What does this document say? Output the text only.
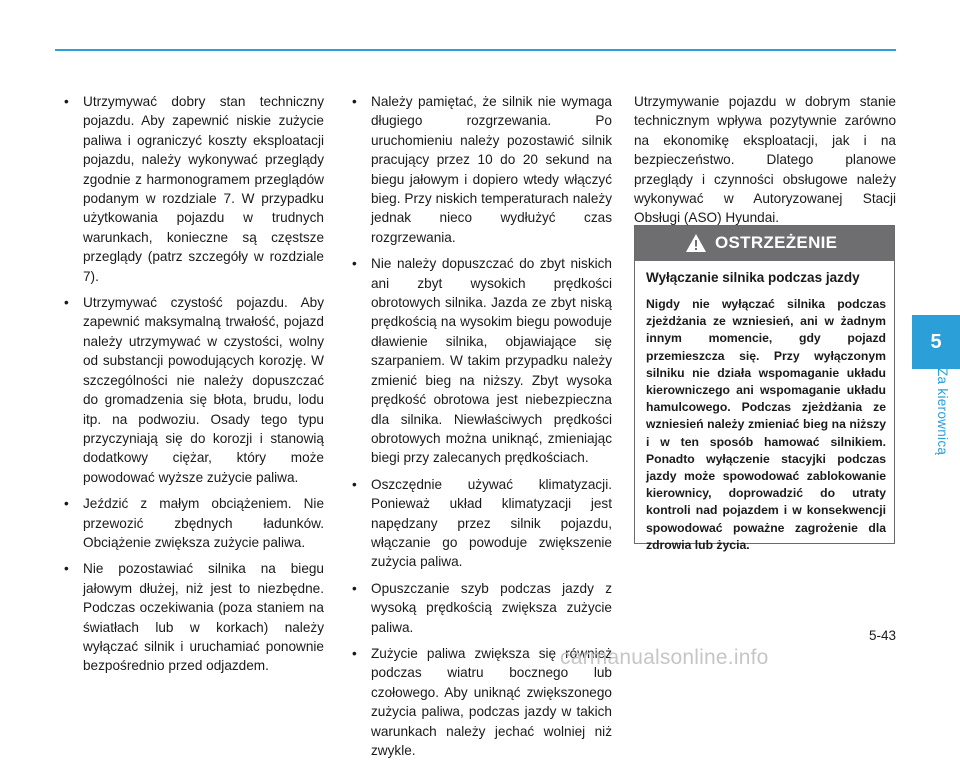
• Utrzymywać dobry stan techniczny pojazdu. Aby zapewnić niskie zużycie paliwa i ograniczyć koszty eksploatacji pojazdu, należy wykonywać przeglądy zgodnie z harmonogramem przeglądów podanym w rozdziale 7. W przypadku użytkowania pojazdu w trudnych warunkach, konieczne są częstsze przeglądy (patrz szczegóły w rozdziale 7).
• Utrzymywać czystość pojazdu. Aby zapewnić maksymalną trwałość, pojazd należy utrzymywać w czystości, wolny od substancji powodujących korozję. W szczególności nie należy dopuszczać do gromadzenia się błota, brudu, lodu itp. na podwoziu. Osady tego typu przyczyniają się do korozji i stanowią dodatkowy ciężar, który może powodować wyższe zużycie paliwa.
• Jeździć z małym obciążeniem. Nie przewozić zbędnych ładunków. Obciążenie zwiększa zużycie paliwa.
• Nie pozostawiać silnika na biegu jałowym dłużej, niż jest to niezbędne. Podczas oczekiwania (poza staniem na światłach lub w korkach) należy wyłączać silnik i uruchamiać ponownie bezpośrednio przed odjazdem.
• Należy pamiętać, że silnik nie wymaga długiego rozgrzewania. Po uruchomieniu należy pozostawić silnik pracujący przez 10 do 20 sekund na biegu jałowym i dopiero wtedy włączyć bieg. Przy niskich temperaturach należy jednak nieco wydłużyć czas rozgrzewania.
• Nie należy dopuszczać do zbyt niskich ani zbyt wysokich prędkości obrotowych silnika. Jazda ze zbyt niską prędkością na wysokim biegu powoduje dławienie silnika, objawiające się szarpaniem. W takim przypadku należy zmienić bieg na niższy. Zbyt wysoka prędkość obrotowa jest niebezpieczna dla silnika. Niewłaściwych prędkości obrotowych można uniknąć, zmieniając biegi przy zalecanych prędkościach.
• Oszczędnie używać klimatyzacji. Ponieważ układ klimatyzacji jest napędzany przez silnik pojazdu, włączanie go powoduje zwiększenie zużycia paliwa.
• Opuszczanie szyb podczas jazdy z wysoką prędkością zwiększa zużycie paliwa.
• Zużycie paliwa zwiększa się również podczas wiatru bocznego lub czołowego. Aby uniknąć zwiększonego zużycia paliwa, podczas jazdy w takich warunkach należy jechać wolniej niż zwykle.

Utrzymywanie pojazdu w dobrym stanie technicznym wpływa pozytywnie zarówno na ekonomikę eksploatacji, jak i na bezpieczeństwo. Dlatego planowe przeglądy i czynności obsługowe należy wykonywać w Autoryzowanej Stacji Obsługi (ASO) Hyundai.

OSTRZEŻENIE
Wyłączanie silnika podczas jazdy
Nigdy nie wyłączać silnika podczas zjeżdżania ze wzniesień, ani w żadnym innym momencie, gdy pojazd przemieszcza się. Przy wyłączonym silniku nie działa wspomaganie układu kierowniczego ani wspomaganie układu hamulcowego. Podczas zjeżdżania ze wzniesień należy zmieniać bieg na niższy i w ten sposób hamować silnikiem. Ponadto wyłączenie stacyjki podczas jazdy może spowodować zablokowanie kierownicy, doprowadzić do utraty kontroli nad pojazdem i w konsekwencji spowodować poważne zagrożenie dla zdrowia lub życia.
5
Za kierownicą
5-43
carmanualsonline.info
